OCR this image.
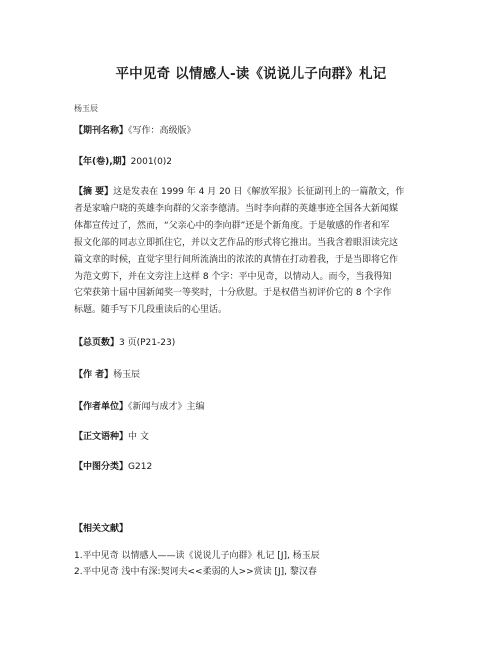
平中见奇 以情感人-读《说说儿子向群》札记
杨玉辰
【期刊名称】《写作：高级版》
【年(卷),期】2001(0)2
【摘 要】这是发表在 1999 年 4 月 20 日《解放军报》长征副刊上的一篇散文，作
者是家喻户晓的英雄李向群的父亲李德清。当时李向群的英雄事迹全国各大新闻媒
体都宣传过了，然而，“父亲心中的李向群”还是个新角度。于是敏感的作者和军
报文化部的同志立即抓住它，并以文艺作品的形式将它推出。当我含着眼泪读完这
篇文章的时候，直觉字里行间所流淌出的浓浓的真情在打动着我，于是当即将它作
为范文剪下，并在文旁注上这样 8 个字：平中见奇，以情动人。而今，当我得知
它荣获第十届中国新闻奖一等奖时，十分欣慰。于是权借当初评价它的 8 个字作
标题。随手写下几段重读后的心里话。
【总页数】3 页(P21-23)
【作 者】杨玉辰
【作者单位】《新闻与成才》主编
【正文语种】中 文
【中图分类】G212
【相关文献】
1.平中见奇 以情感人——读《说说儿子向群》札记 [J], 杨玉辰
2.平中见奇 浅中有深:契诃夫<<柔弱的人>>赏读 [J], 黎汉春
